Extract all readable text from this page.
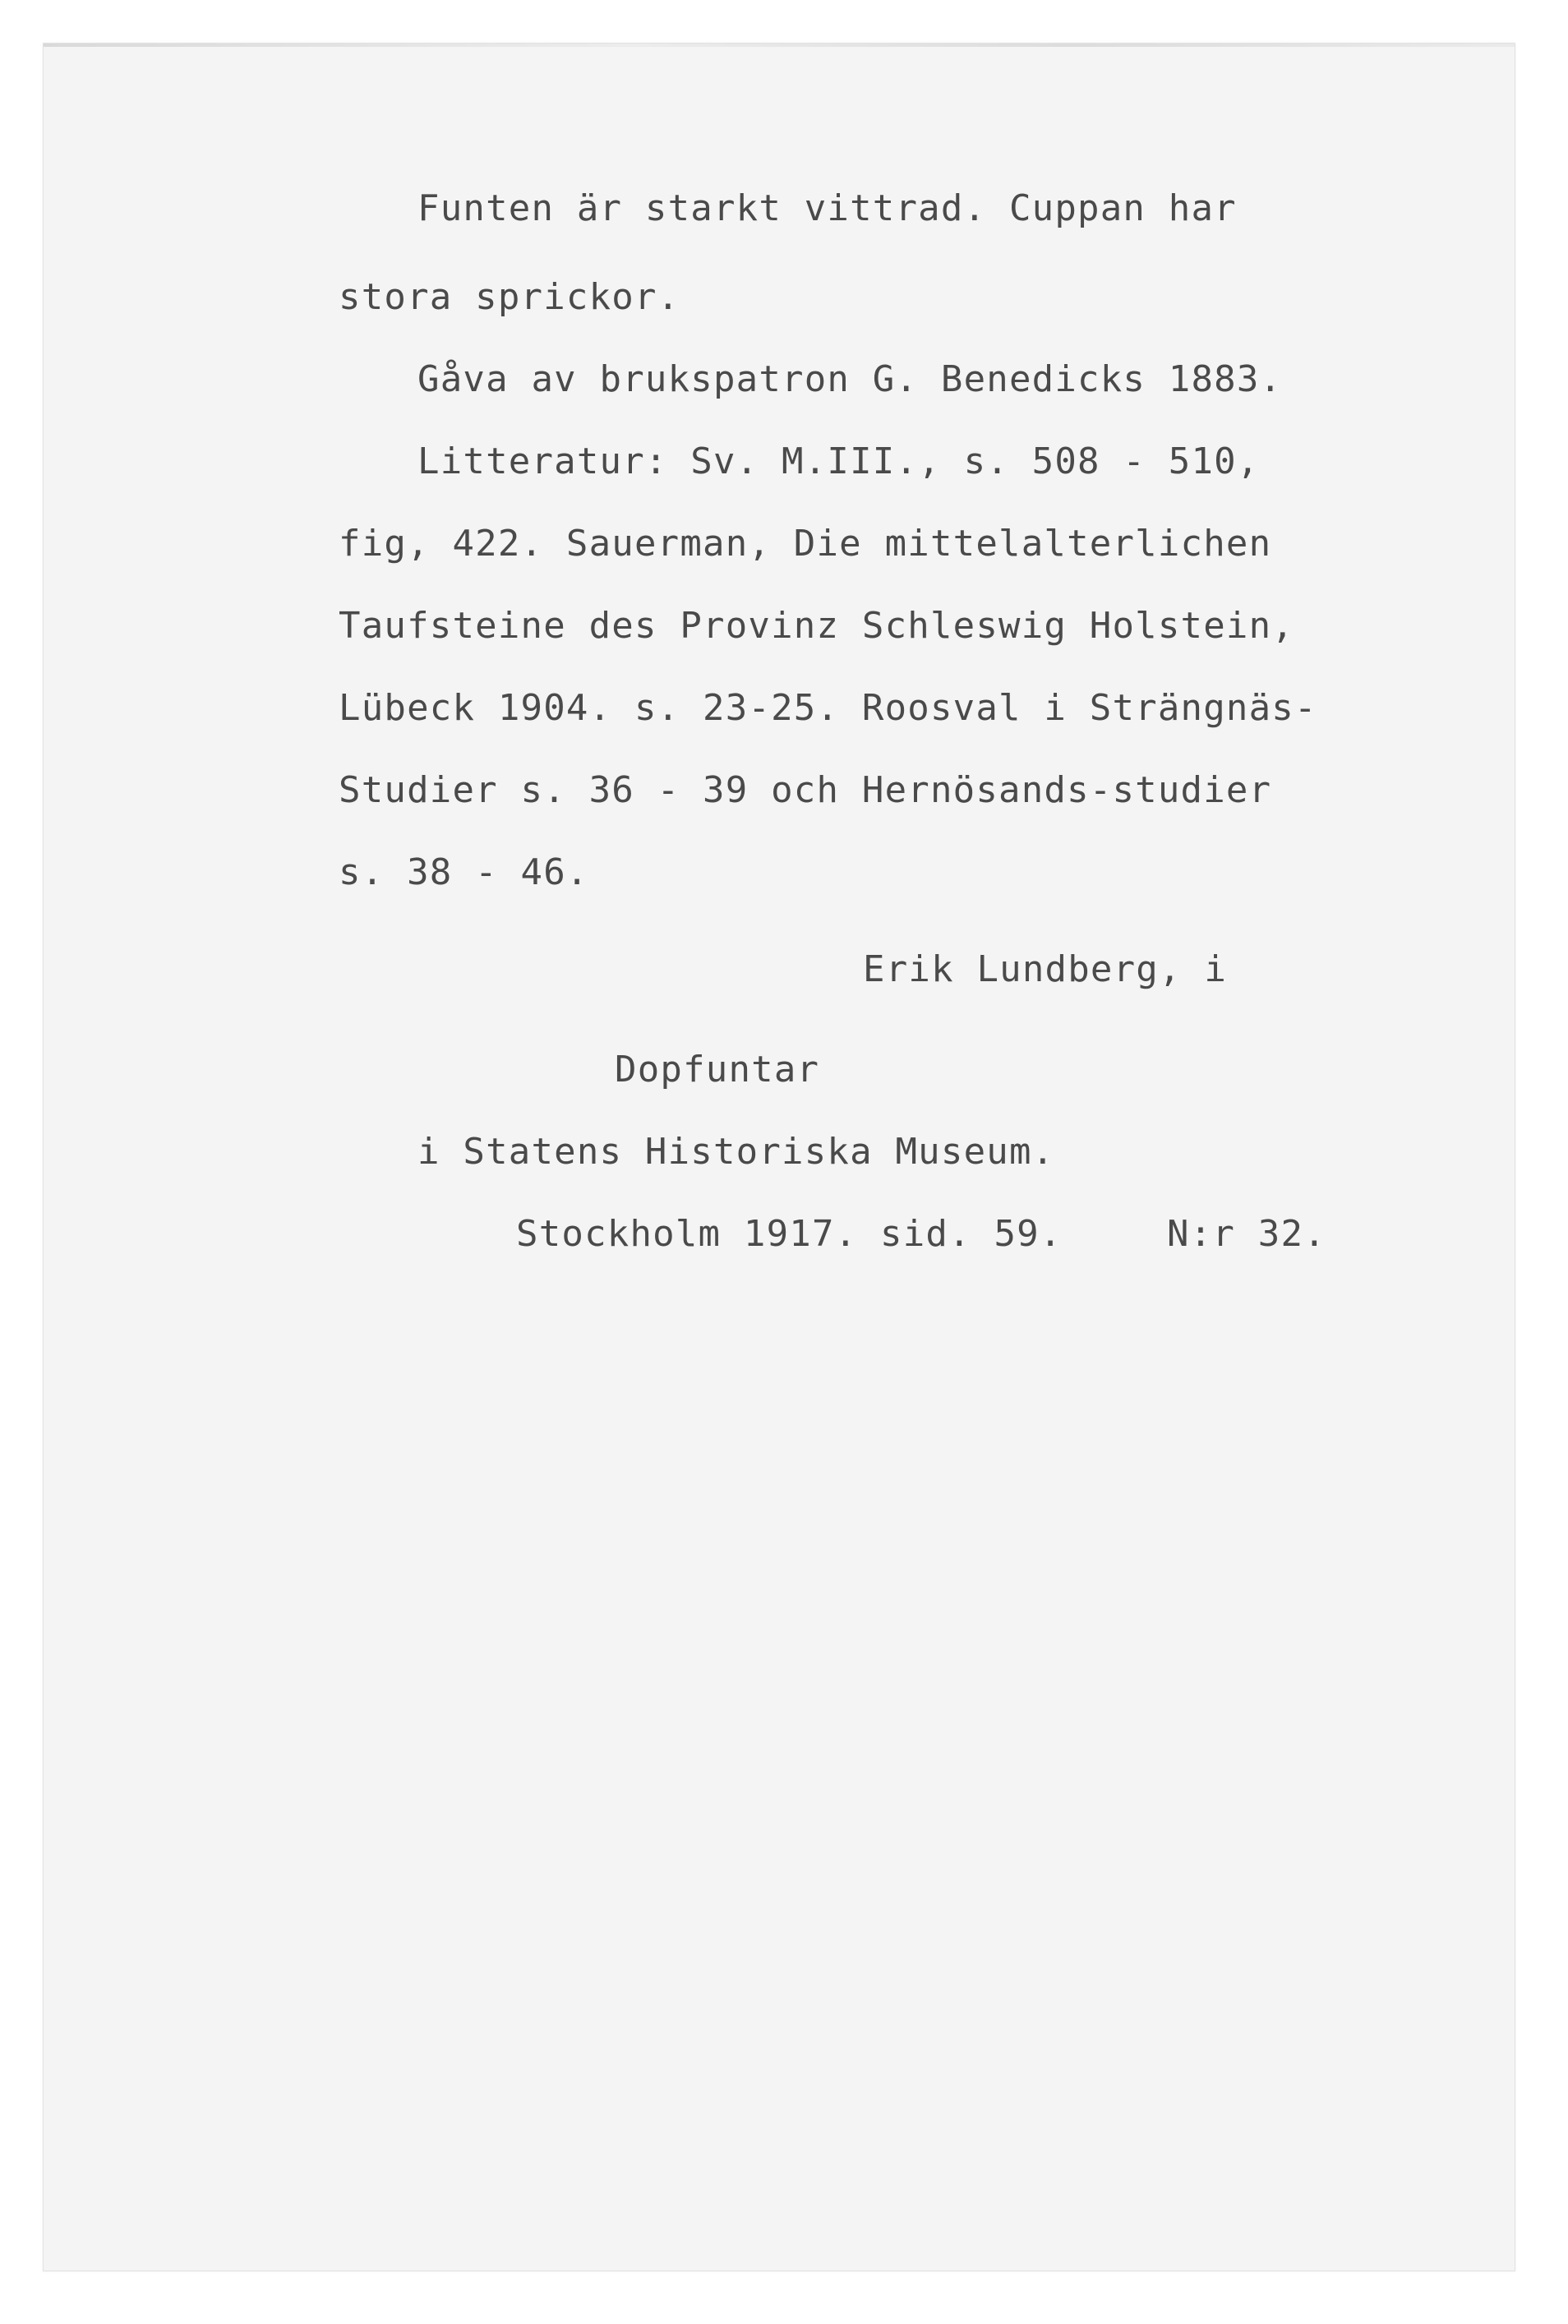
Funten är starkt vittrad. Cuppan har
stora sprickor.
Gåva av brukspatron G. Benedicks 1883.
Litteratur: Sv. M.III., s. 508 - 510,
fig, 422. Sauerman, Die mittelalterlichen
Taufsteine des Provinz Schleswig Holstein,
Lübeck 1904. s. 23-25. Roosval i Strängnäs-
Studier s. 36 - 39 och Hernösands-studier
s. 38 - 46.
Erik Lundberg, i
Dopfuntar
i Statens Historiska Museum.
Stockholm 1917. sid. 59.	N:r 32.
